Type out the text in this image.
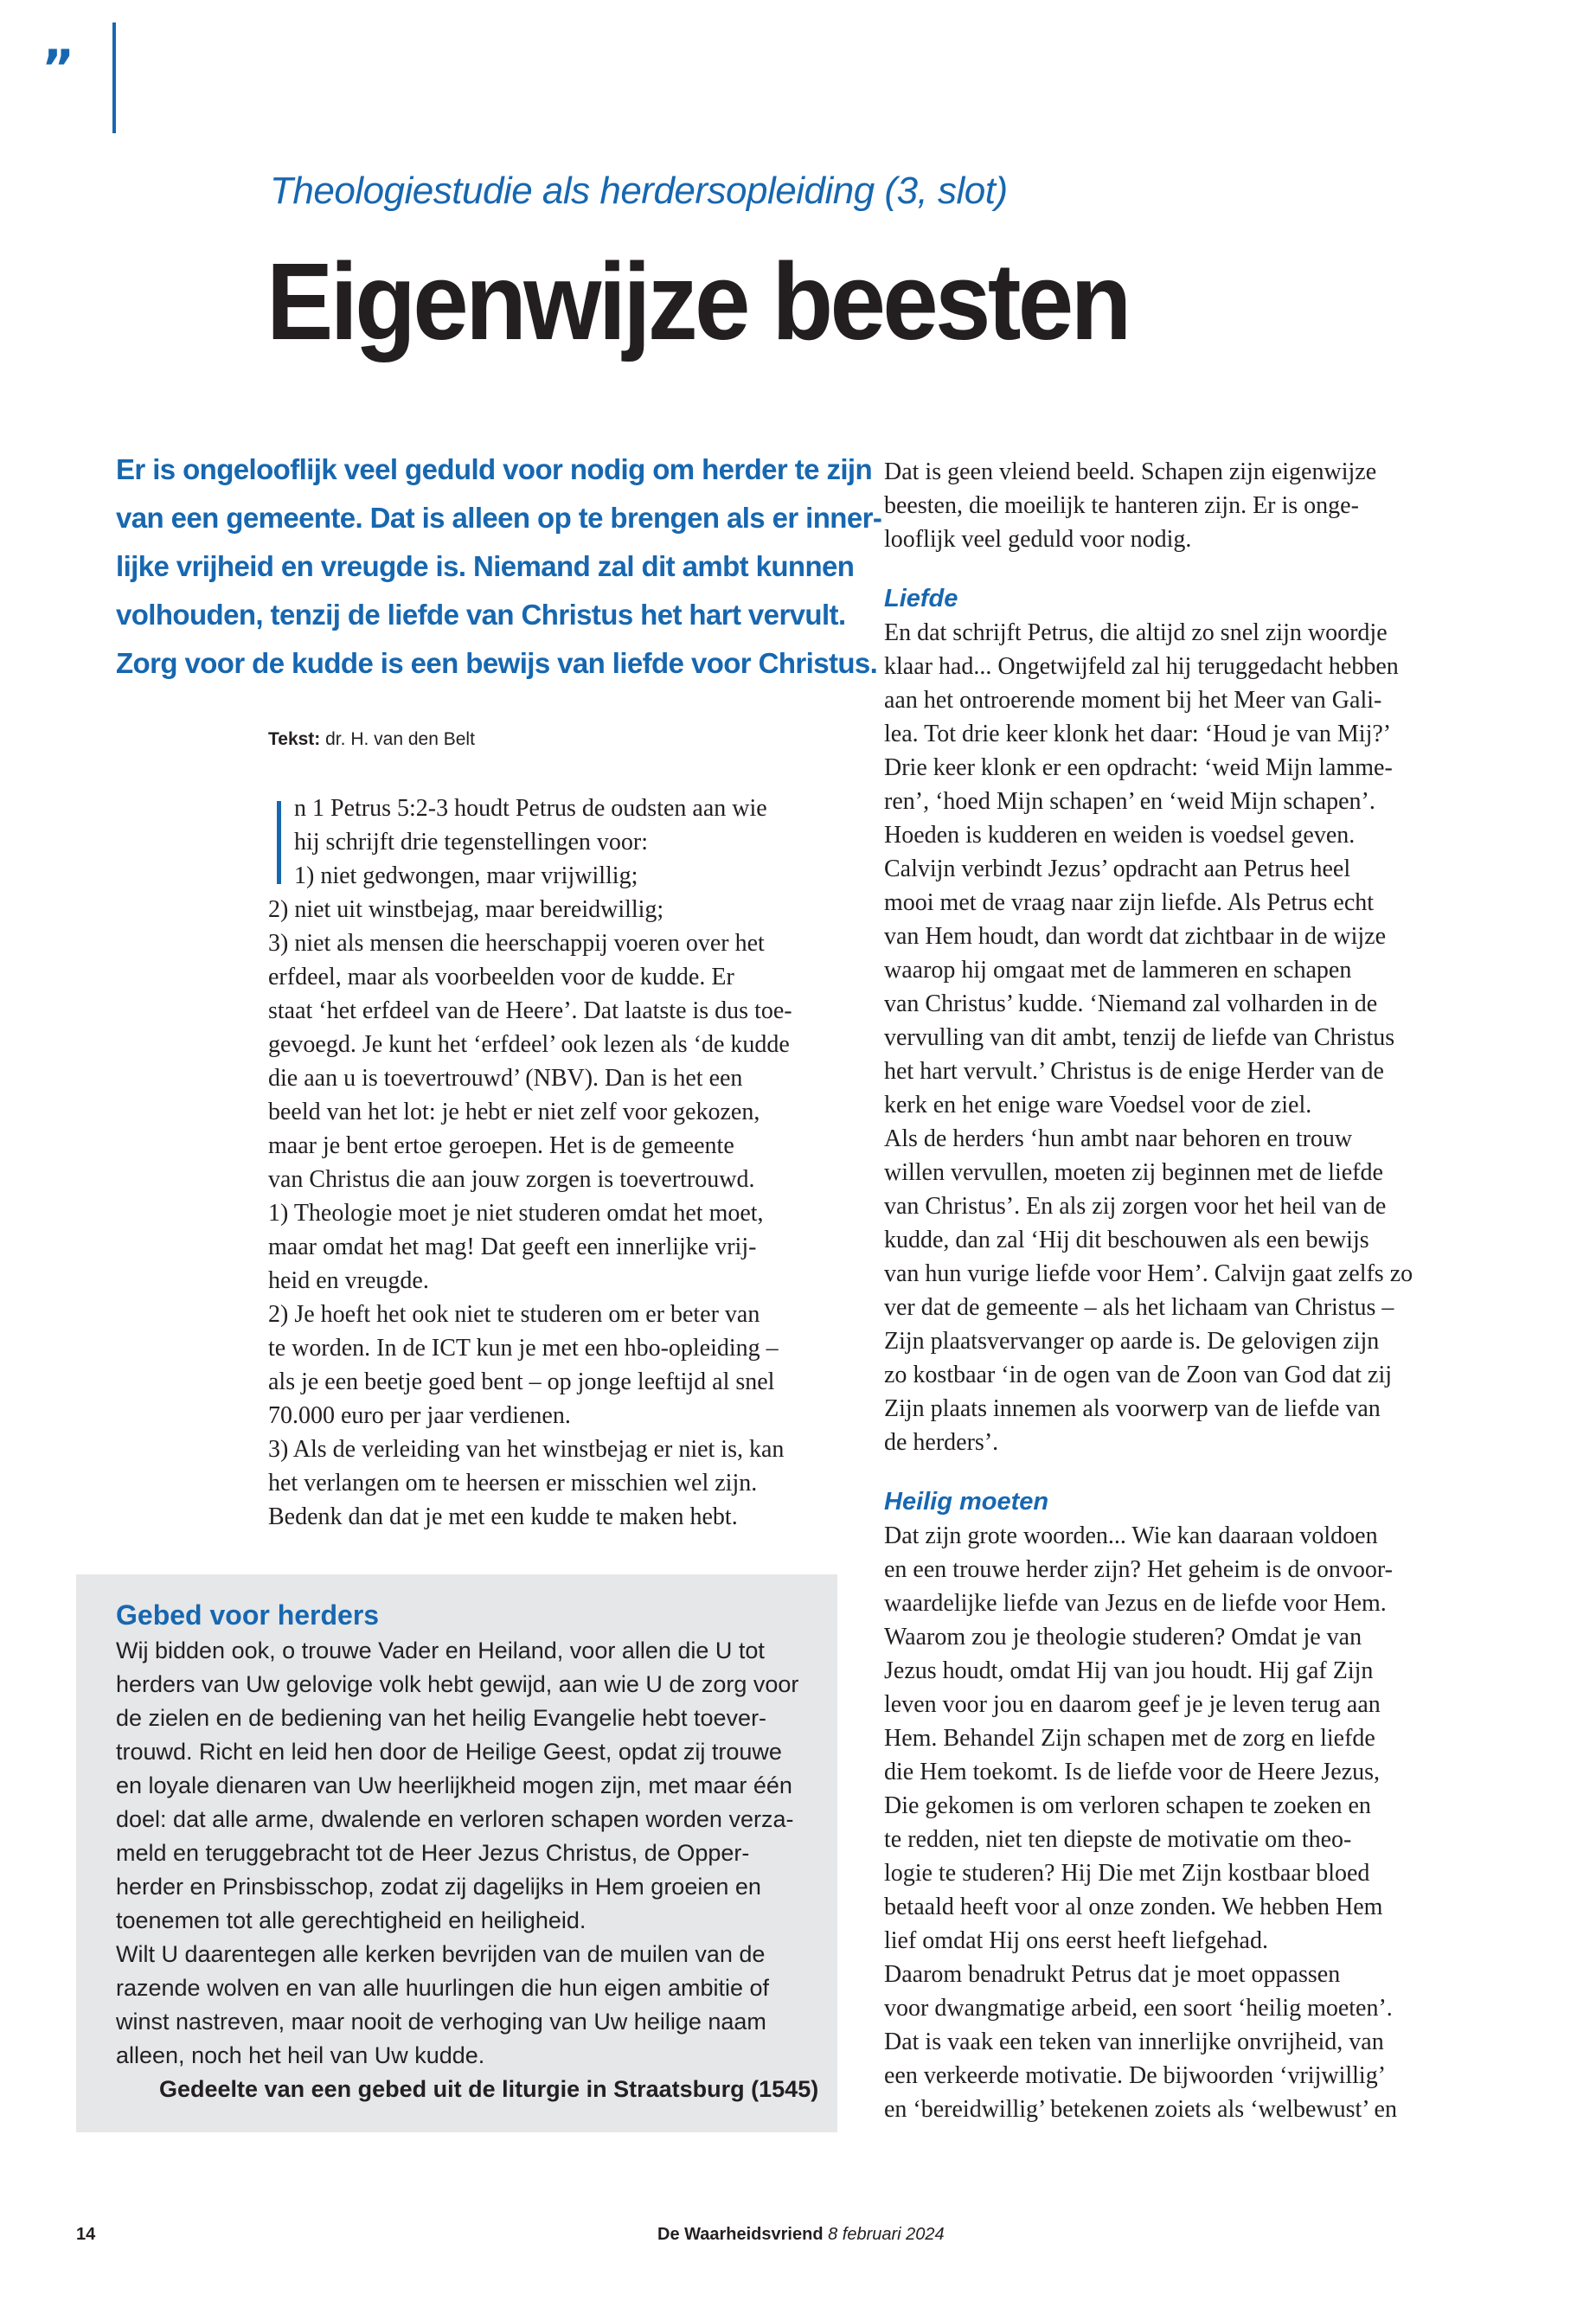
”
Theologiestudie als herdersopleiding (3, slot)
Eigenwijze beesten
Er is ongelooflijk veel geduld voor nodig om herder te zijn
van een gemeente. Dat is alleen op te brengen als er inner-
lijke vrijheid en vreugde is. Niemand zal dit ambt kunnen
volhouden, tenzij de liefde van Christus het hart vervult.
Zorg voor de kudde is een bewijs van liefde voor Christus.
Tekst: dr. H. van den Belt
n 1 Petrus 5:2-3 houdt Petrus de oudsten aan wie
hij schrijft drie tegenstellingen voor:
1) niet gedwongen, maar vrijwillig;
2) niet uit winstbejag, maar bereidwillig;
3) niet als mensen die heerschappij voeren over het
erfdeel, maar als voorbeelden voor de kudde. Er
staat ‘het erfdeel van de Heere’. Dat laatste is dus toe-
gevoegd. Je kunt het ‘erfdeel’ ook lezen als ‘de kudde
die aan u is toevertrouwd’ (NBV). Dan is het een
beeld van het lot: je hebt er niet zelf voor gekozen,
maar je bent ertoe geroepen. Het is de gemeente
van Christus die aan jouw zorgen is toevertrouwd.
1) Theologie moet je niet studeren omdat het moet,
maar omdat het mag! Dat geeft een innerlijke vrij-
heid en vreugde.
2) Je hoeft het ook niet te studeren om er beter van
te worden. In de ICT kun je met een hbo-opleiding –
als je een beetje goed bent – op jonge leeftijd al snel
70.000 euro per jaar verdienen.
3) Als de verleiding van het winstbejag er niet is, kan
het verlangen om te heersen er misschien wel zijn.
Bedenk dan dat je met een kudde te maken hebt.
Dat is geen vleiend beeld. Schapen zijn eigenwijze
beesten, die moeilijk te hanteren zijn. Er is onge-
looflijk veel geduld voor nodig.
Liefde
En dat schrijft Petrus, die altijd zo snel zijn woordje
klaar had... Ongetwijfeld zal hij teruggedacht hebben
aan het ontroerende moment bij het Meer van Gali-
lea. Tot drie keer klonk het daar: ‘Houd je van Mij?’
Drie keer klonk er een opdracht: ‘weid Mijn lamme-
ren’, ‘hoed Mijn schapen’ en ‘weid Mijn schapen’.
Hoeden is kudderen en weiden is voedsel geven.
Calvijn verbindt Jezus’ opdracht aan Petrus heel
mooi met de vraag naar zijn liefde. Als Petrus echt
van Hem houdt, dan wordt dat zichtbaar in de wijze
waarop hij omgaat met de lammeren en schapen
van Christus’ kudde. ‘Niemand zal volharden in de
vervulling van dit ambt, tenzij de liefde van Christus
het hart vervult.’ Christus is de enige Herder van de
kerk en het enige ware Voedsel voor de ziel.
Als de herders ‘hun ambt naar behoren en trouw
willen vervullen, moeten zij beginnen met de liefde
van Christus’. En als zij zorgen voor het heil van de
kudde, dan zal ‘Hij dit beschouwen als een bewijs
van hun vurige liefde voor Hem’. Calvijn gaat zelfs zo
ver dat de gemeente – als het lichaam van Christus –
Zijn plaatsvervanger op aarde is. De gelovigen zijn
zo kostbaar ‘in de ogen van de Zoon van God dat zij
Zijn plaats innemen als voorwerp van de liefde van
de herders’.
Heilig moeten
Dat zijn grote woorden... Wie kan daaraan voldoen
en een trouwe herder zijn? Het geheim is de onvoor-
waardelijke liefde van Jezus en de liefde voor Hem.
Waarom zou je theologie studeren? Omdat je van
Jezus houdt, omdat Hij van jou houdt. Hij gaf Zijn
leven voor jou en daarom geef je je leven terug aan
Hem. Behandel Zijn schapen met de zorg en liefde
die Hem toekomt. Is de liefde voor de Heere Jezus,
Die gekomen is om verloren schapen te zoeken en
te redden, niet ten diepste de motivatie om theo-
logie te studeren? Hij Die met Zijn kostbaar bloed
betaald heeft voor al onze zonden. We hebben Hem
lief omdat Hij ons eerst heeft liefgehad.
Daarom benadrukt Petrus dat je moet oppassen
voor dwangmatige arbeid, een soort ‘heilig moeten’.
Dat is vaak een teken van innerlijke onvrijheid, van
een verkeerde motivatie. De bijwoorden ‘vrijwillig’
en ‘bereidwillig’ betekenen zoiets als ‘welbewust’ en
Gebed voor herders
Wij bidden ook, o trouwe Vader en Heiland, voor allen die U tot
herders van Uw gelovige volk hebt gewijd, aan wie U de zorg voor
de zielen en de bediening van het heilig Evangelie hebt toever-
trouwd. Richt en leid hen door de Heilige Geest, opdat zij trouwe
en loyale dienaren van Uw heerlijkheid mogen zijn, met maar één
doel: dat alle arme, dwalende en verloren schapen worden verza-
meld en teruggebracht tot de Heer Jezus Christus, de Opper-
herder en Prinsbisschop, zodat zij dagelijks in Hem groeien en
toenemen tot alle gerechtigheid en heiligheid.
Wilt U daarentegen alle kerken bevrijden van de muilen van de
razende wolven en van alle huurlingen die hun eigen ambitie of
winst nastreven, maar nooit de verhoging van Uw heilige naam
alleen, noch het heil van Uw kudde.
Gedeelte van een gebed uit de liturgie in Straatsburg (1545)
14	De Waarheidsvriend 8 februari 2024
